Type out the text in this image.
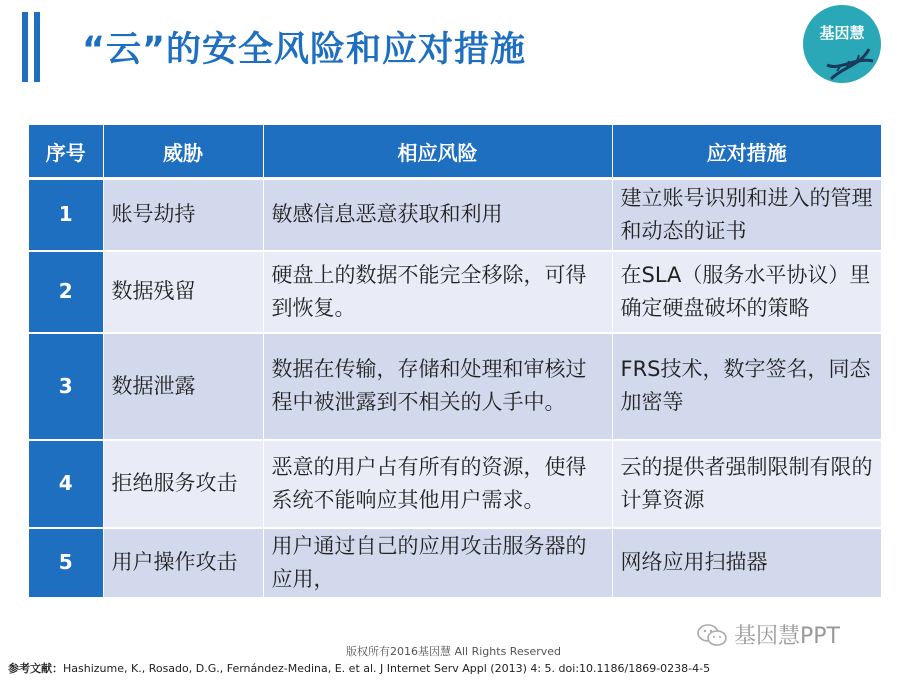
“云”的安全风险和应对措施	基因慧
序号	威胁	相应风险	应对措施
1	账号劫持	敏感信息恶意获取和利用	建立账号识别和进入的管理和动态的证书
2	数据残留	硬盘上的数据不能完全移除，可得到恢复。	在SLA（服务水平协议）里确定硬盘破坏的策略
3	数据泄露	数据在传输，存储和处理和审核过程中被泄露到不相关的人手中。	FRS技术，数字签名，同态加密等
4	拒绝服务攻击	恶意的用户占有所有的资源，使得系统不能响应其他用户需求。	云的提供者强制限制有限的计算资源
5	用户操作攻击	用户通过自己的应用攻击服务器的应用，	网络应用扫描器
基因慧PPT
版权所有2016基因慧 All Rights Reserved
参考文献：Hashizume, K., Rosado, D.G., Fernández-Medina, E. et al. J Internet Serv Appl (2013) 4: 5. doi:10.1186/1869-0238-4-5
